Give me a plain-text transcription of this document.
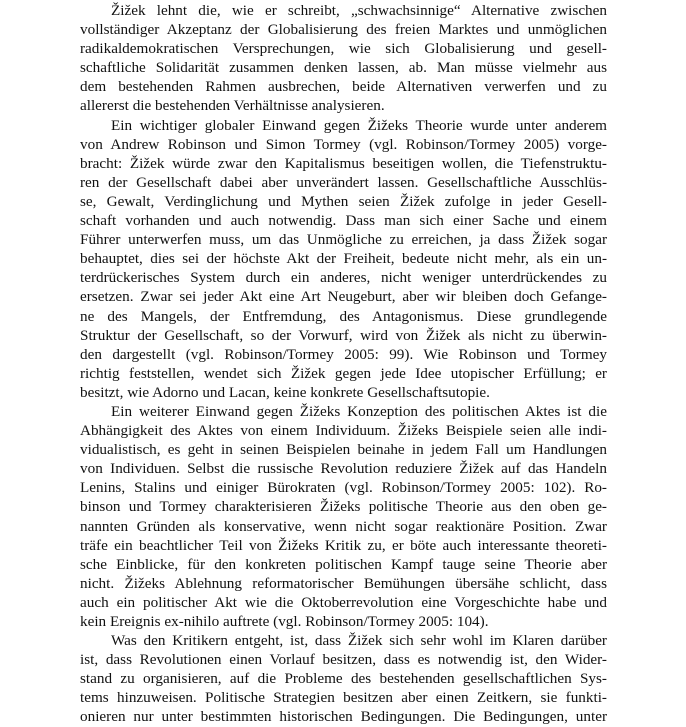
Žižek lehnt die, wie er schreibt, „schwachsinnige“ Alternative zwischen
vollständiger Akzeptanz der Globalisierung des freien Marktes und unmöglichen
radikaldemokratischen Versprechungen, wie sich Globalisierung und gesell-
schaftliche Solidarität zusammen denken lassen, ab. Man müsse vielmehr aus
dem bestehenden Rahmen ausbrechen, beide Alternativen verwerfen und zu
allererst die bestehenden Verhältnisse analysieren.
Ein wichtiger globaler Einwand gegen Žižeks Theorie wurde unter anderem
von Andrew Robinson und Simon Tormey (vgl. Robinson/Tormey 2005) vorge-
bracht: Žižek würde zwar den Kapitalismus beseitigen wollen, die Tiefenstruktu-
ren der Gesellschaft dabei aber unverändert lassen. Gesellschaftliche Ausschlüs-
se, Gewalt, Verdinglichung und Mythen seien Žižek zufolge in jeder Gesell-
schaft vorhanden und auch notwendig. Dass man sich einer Sache und einem
Führer unterwerfen muss, um das Unmögliche zu erreichen, ja dass Žižek sogar
behauptet, dies sei der höchste Akt der Freiheit, bedeute nicht mehr, als ein un-
terdrückerisches System durch ein anderes, nicht weniger unterdrückendes zu
ersetzen. Zwar sei jeder Akt eine Art Neugeburt, aber wir bleiben doch Gefange-
ne des Mangels, der Entfremdung, des Antagonismus. Diese grundlegende
Struktur der Gesellschaft, so der Vorwurf, wird von Žižek als nicht zu überwin-
den dargestellt (vgl. Robinson/Tormey 2005: 99). Wie Robinson und Tormey
richtig feststellen, wendet sich Žižek gegen jede Idee utopischer Erfüllung; er
besitzt, wie Adorno und Lacan, keine konkrete Gesellschaftsutopie.
Ein weiterer Einwand gegen Žižeks Konzeption des politischen Aktes ist die
Abhängigkeit des Aktes von einem Individuum. Žižeks Beispiele seien alle indi-
vidualistisch, es geht in seinen Beispielen beinahe in jedem Fall um Handlungen
von Individuen. Selbst die russische Revolution reduziere Žižek auf das Handeln
Lenins, Stalins und einiger Bürokraten (vgl. Robinson/Tormey 2005: 102). Ro-
binson und Tormey charakterisieren Žižeks politische Theorie aus den oben ge-
nannten Gründen als konservative, wenn nicht sogar reaktionäre Position. Zwar
träfe ein beachtlicher Teil von Žižeks Kritik zu, er böte auch interessante theoreti-
sche Einblicke, für den konkreten politischen Kampf tauge seine Theorie aber
nicht. Žižeks Ablehnung reformatorischer Bemühungen übersähe schlicht, dass
auch ein politischer Akt wie die Oktoberrevolution eine Vorgeschichte habe und
kein Ereignis ex-nihilo auftrete (vgl. Robinson/Tormey 2005: 104).
Was den Kritikern entgeht, ist, dass Žižek sich sehr wohl im Klaren darüber
ist, dass Revolutionen einen Vorlauf besitzen, dass es notwendig ist, den Wider-
stand zu organisieren, auf die Probleme des bestehenden gesellschaftlichen Sys-
tems hinzuweisen. Politische Strategien besitzen aber einen Zeitkern, sie funkti-
onieren nur unter bestimmten historischen Bedingungen. Die Bedingungen, unter
